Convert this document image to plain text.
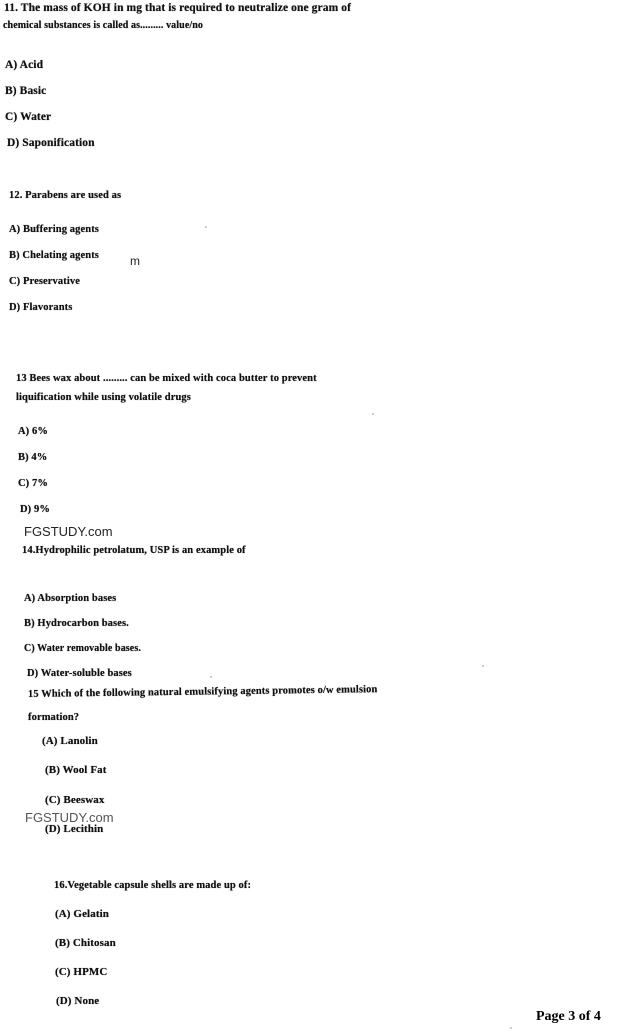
11. The mass of KOH in mg that is required to neutralize one gram of
chemical substances is called as......... value/no
A) Acid
B) Basic
C) Water
D) Saponification
12. Parabens are used as
A) Buffering agents
B) Chelating agents	m
C) Preservative
D) Flavorants
13 Bees wax about ......... can be mixed with coca butter to prevent
liquification while using volatile drugs
A) 6%
B) 4%
C) 7%
D) 9%
FGSTUDY.com
14.Hydrophilic petrolatum, USP is an example of
A) Absorption bases
B) Hydrocarbon bases.
C) Water removable bases.
D) Water-soluble bases
15 Which of the following natural emulsifying agents promotes o/w emulsion
formation?
(A) Lanolin
(B) Wool Fat
(C) Beeswax
FGSTUDY.com
(D) Lecithin
16.Vegetable capsule shells are made up of:
(A) Gelatin
(B) Chitosan
(C) HPMC
(D) None
Page 3 of 4
